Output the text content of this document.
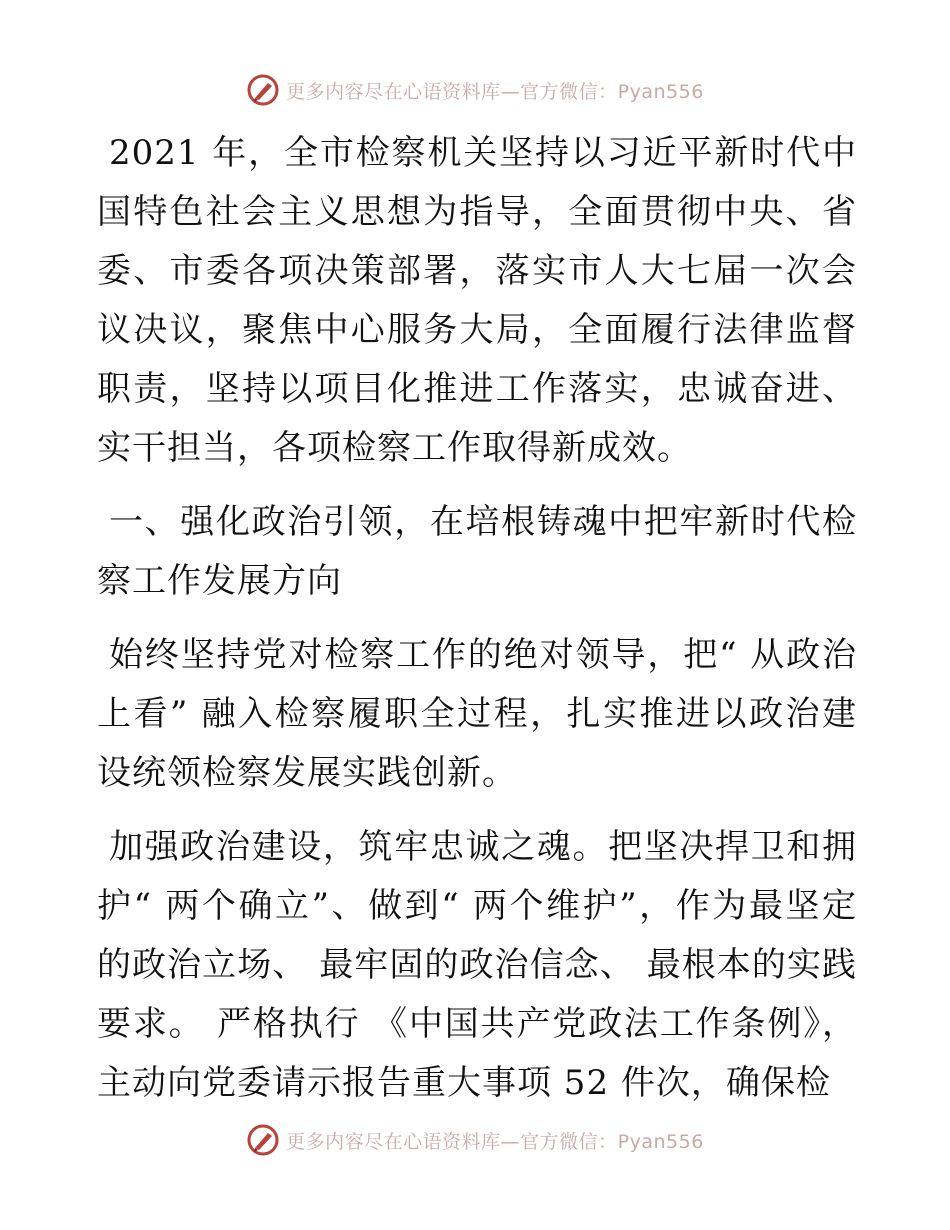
更多内容尽在心语资料库—官方微信：Pyan556

2021 年，全市检察机关坚持以习近平新时代中国特色社会主义思想为指导，全面贯彻中央、省委、市委各项决策部署，落实市人大七届一次会议决议，聚焦中心服务大局，全面履行法律监督职责，坚持以项目化推进工作落实，忠诚奋进、实干担当，各项检察工作取得新成效。

一、强化政治引领，在培根铸魂中把牢新时代检察工作发展方向

始终坚持党对检察工作的绝对领导，把“ 从政治上看” 融入检察履职全过程，扎实推进以政治建设统领检察发展实践创新。

加强政治建设，筑牢忠诚之魂。把坚决捍卫和拥护“ 两个确立”、做到“ 两个维护”，作为最坚定的政治立场、 最牢固的政治信念、 最根本的实践要求。 严格执行 《中国共产党政法工作条例》，主动向党委请示报告重大事项 52 件次，确保检

更多内容尽在心语资料库—官方微信：Pyan556
